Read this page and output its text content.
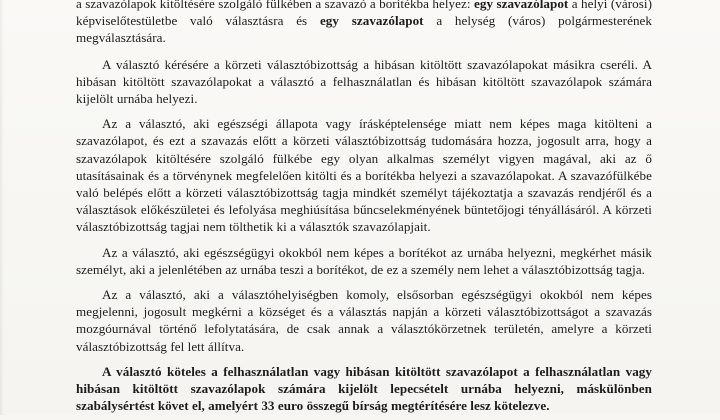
a szavazólapok kitöltésére szolgáló fülkében a szavazó a borítékba helyez: egy szavazólapot a helyi (városi) képviselőtestületbe való választásra és egy szavazólapot a helység (város) polgármesterének megválasztására.

A választó kérésére a körzeti választóbizottság a hibásan kitöltött szavazólapokat másikra cseréli. A hibásan kitöltött szavazólapokat a választó a felhasználatlan és hibásan kitöltött szavazólapok számára kijelölt urnába helyezi.

Az a választó, aki egészségi állapota vagy írásképtelensége miatt nem képes maga kitölteni a szavazólapot, és ezt a szavazás előtt a körzeti választóbizottság tudomására hozza, jogosult arra, hogy a szavazólapok kitöltésére szolgáló fülkébe egy olyan alkalmas személyt vigyen magával, aki az ő utasításainak és a törvénynek megfelelően kitölti és a borítékba helyezi a szavazólapokat. A szavazófülkébe való belépés előtt a körzeti választóbizottság tagja mindkét személyt tájékoztatja a szavazás rendjéről és a választások előkészületei és lefolyása meghiúsítása bűncselekményének büntetőjogi tényállásáról. A körzeti választóbizottság tagjai nem tölthetik ki a választók szavazólapjait.

Az a választó, aki egészségügyi okokból nem képes a borítékot az urnába helyezni, megkérhet másik személyt, aki a jelenlétében az urnába teszi a borítékot, de ez a személy nem lehet a választóbizottság tagja.

Az a választó, aki a választóhelyiségben komoly, elsősorban egészségügyi okokból nem képes megjelenni, jogosult megkérni a községet és a választás napján a körzeti választóbizottságot a szavazás mozgóurnával történő lefolytatására, de csak annak a választókörzetnek területén, amelyre a körzeti választóbizottság fel lett állítva.

A választó köteles a felhasználatlan vagy hibásan kitöltött szavazólapot a felhasználatlan vagy hibásan kitöltött szavazólapok számára kijelölt lepecsételt urnába helyezni, máskülönben szabálysértést követ el, amelyért 33 euro összegű bírság megtérítésére lesz kötelezve.
